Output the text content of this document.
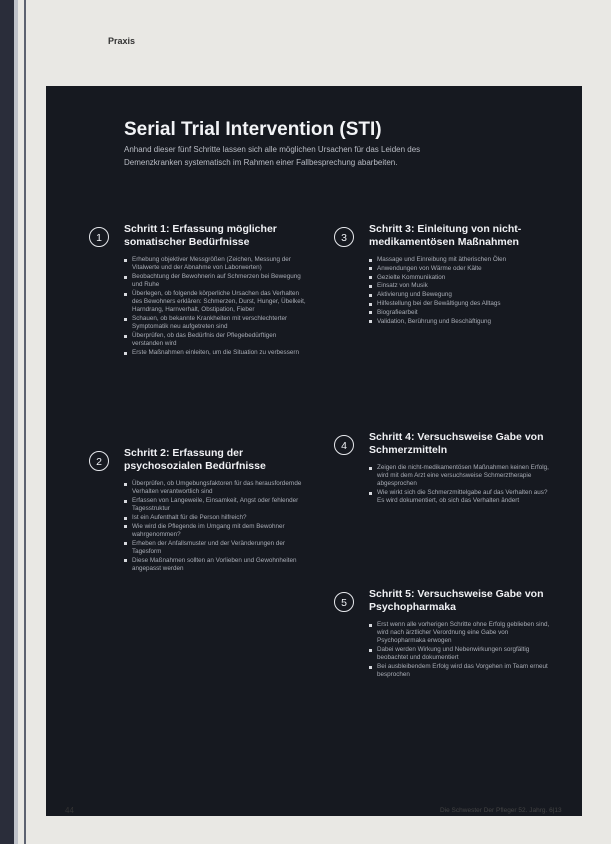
Praxis
Serial Trial Intervention (STI)
Anhand dieser fünf Schritte lassen sich alle möglichen Ursachen für das Leiden des Demenzkranken systematisch im Rahmen einer Fallbesprechung abarbeiten.
1
Schritt 1: Erfassung möglicher somatischer Bedürfnisse
Erhebung objektiver Messgrößen (Zeichen, Messung der Vitalwerte und der Abnahme von Laborwerten)
Beobachtung der Bewohnerin auf Schmerzen bei Bewegung und Ruhe
Überlegen, ob folgende körperliche Ursachen das Verhalten des Bewohners erklären: Schmerzen, Durst, Hunger, Übelkeit, Harndrang, Harnverhalt, Obstipation, Fieber
Schauen, ob bekannte Krankheiten mit verschlechterter Symptomatik neu aufgetreten sind
Überprüfen, ob das Bedürfnis der Pflegebedürftigen verstanden wird
Erste Maßnahmen einleiten, um die Situation zu verbessern
2
Schritt 2: Erfassung der psychosozialen Bedürfnisse
Überprüfen, ob Umgebungsfaktoren für das herausfordernde Verhalten verantwortlich sind
Erfassen von Langeweile, Einsamkeit, Angst oder fehlender Tagesstruktur
Ist ein Aufenthalt für die Person hilfreich?
Wie wird die Pflegende im Umgang mit dem Bewohner wahrgenommen?
Erheben der Anfallsmuster und der Veränderungen der Tagesform
Diese Maßnahmen sollten an Vorlieben und Gewohnheiten angepasst werden
3
Schritt 3: Einleitung von nicht-medikamentösen Maßnahmen
Massage und Einreibung mit ätherischen Ölen
Anwendungen von Wärme oder Kälte
Gezielte Kommunikation
Einsatz von Musik
Aktivierung und Bewegung
Hilfestellung bei der Bewältigung des Alltags
Biografiearbeit
Validation, Berührung und Beschäftigung
4
Schritt 4: Versuchsweise Gabe von Schmerzmitteln
Zeigen die nicht-medikamentösen Maßnahmen keinen Erfolg, wird mit dem Arzt eine versuchsweise Schmerztherapie abgesprochen
Wie wirkt sich die Schmerzmittelgabe auf das Verhalten aus? Es wird dokumentiert, ob sich das Verhalten ändert
5
Schritt 5: Versuchsweise Gabe von Psychopharmaka
Erst wenn alle vorherigen Schritte ohne Erfolg geblieben sind, wird nach ärztlicher Verordnung eine Gabe von Psychopharmaka erwogen
Dabei werden Wirkung und Nebenwirkungen sorgfältig beobachtet und dokumentiert
Bei ausbleibendem Erfolg wird das Vorgehen im Team erneut besprochen
44	Die Schwester Der Pfleger 52. Jahrg. 6|13
